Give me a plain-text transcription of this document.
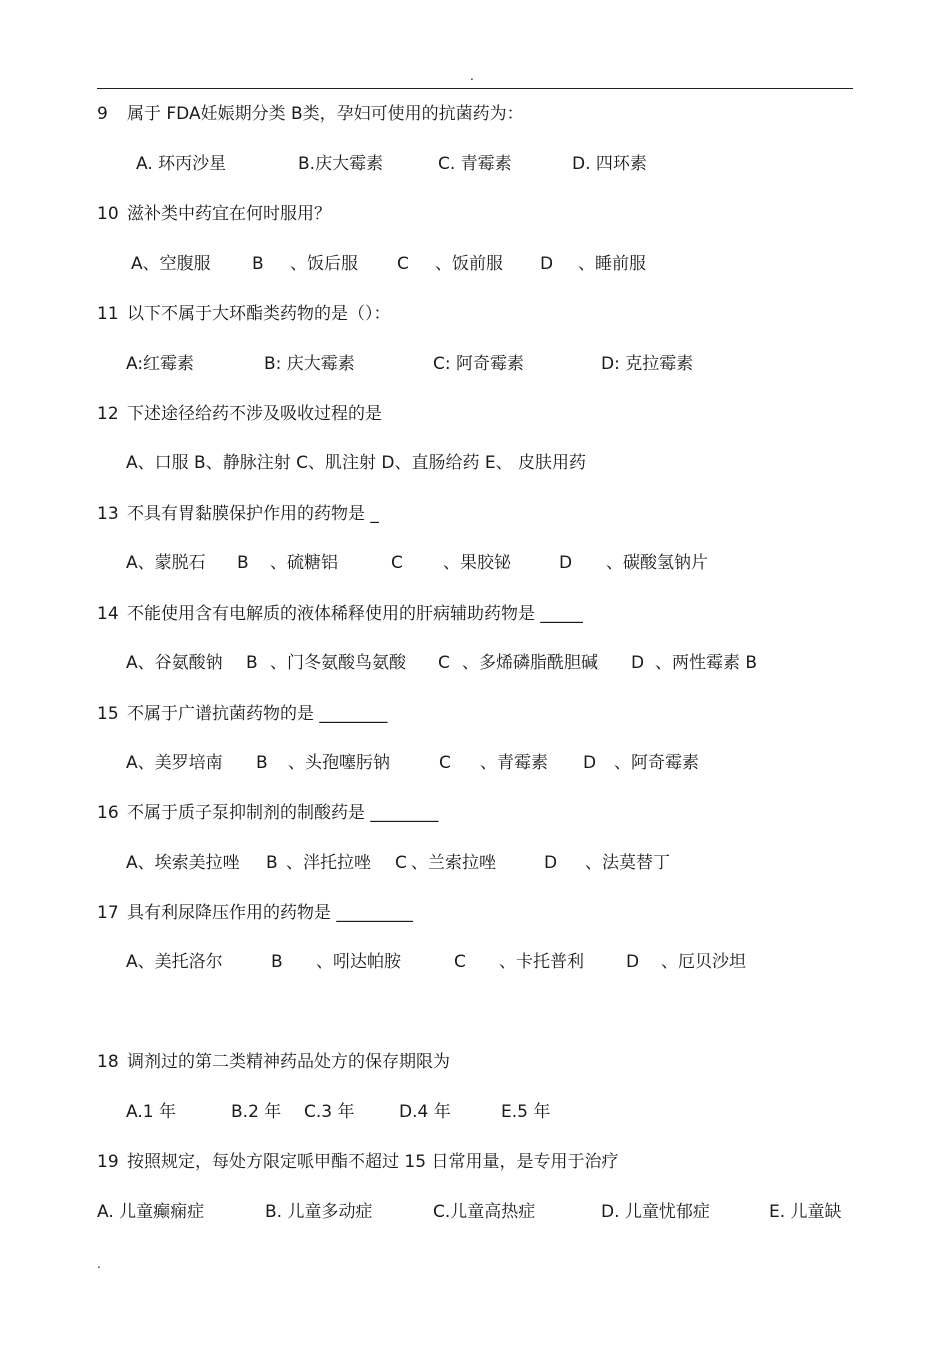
.
9 属于 FDA妊娠期分类 B类，孕妇可使用的抗菌药为：
A. 环丙沙星	B.庆大霉素	C. 青霉素	D. 四环素
10 滋补类中药宜在何时服用？
A、空腹服 B 、饭后服 C 、饭前服 D 、睡前服
11 以下不属于大环酯类药物的是（）：
A:红霉素	B: 庆大霉素	C: 阿奇霉素	D: 克拉霉素
12 下述途径给药不涉及吸收过程的是
A、口服 B、静脉注射 C、肌注射 D、直肠给药 E、 皮肤用药
13 不具有胃黏膜保护作用的药物是 _
A、蒙脱石 B 、硫糖铝	C 、果胶铋	D 、碳酸氢钠片
14 不能使用含有电解质的液体稀释使用的肝病辅助药物是 _____
A、谷氨酸钠 B 、门冬氨酸鸟氨酸 C 、多烯磷脂酰胆碱 D 、两性霉素 B
15 不属于广谱抗菌药物的是 ________
A、美罗培南 B 、头孢噻肟钠	C 、青霉素 D 、阿奇霉素
16 不属于质子泵抑制剂的制酸药是 ________
A、埃索美拉唑 B 、泮托拉唑 C 、兰索拉唑	D 、法莫替丁
17 具有利尿降压作用的药物是 _________
A、美托洛尔	B 、吲达帕胺	C 、卡托普利 D 、厄贝沙坦
18 调剂过的第二类精神药品处方的保存期限为
A.1 年	B.2 年 C.3 年	D.4 年	E.5 年
19 按照规定，每处方限定哌甲酯不超过 15 日常用量，是专用于治疗
A. 儿童癫痫症	B. 儿童多动症	C.儿童高热症	D. 儿童忧郁症	E. 儿童缺
.
